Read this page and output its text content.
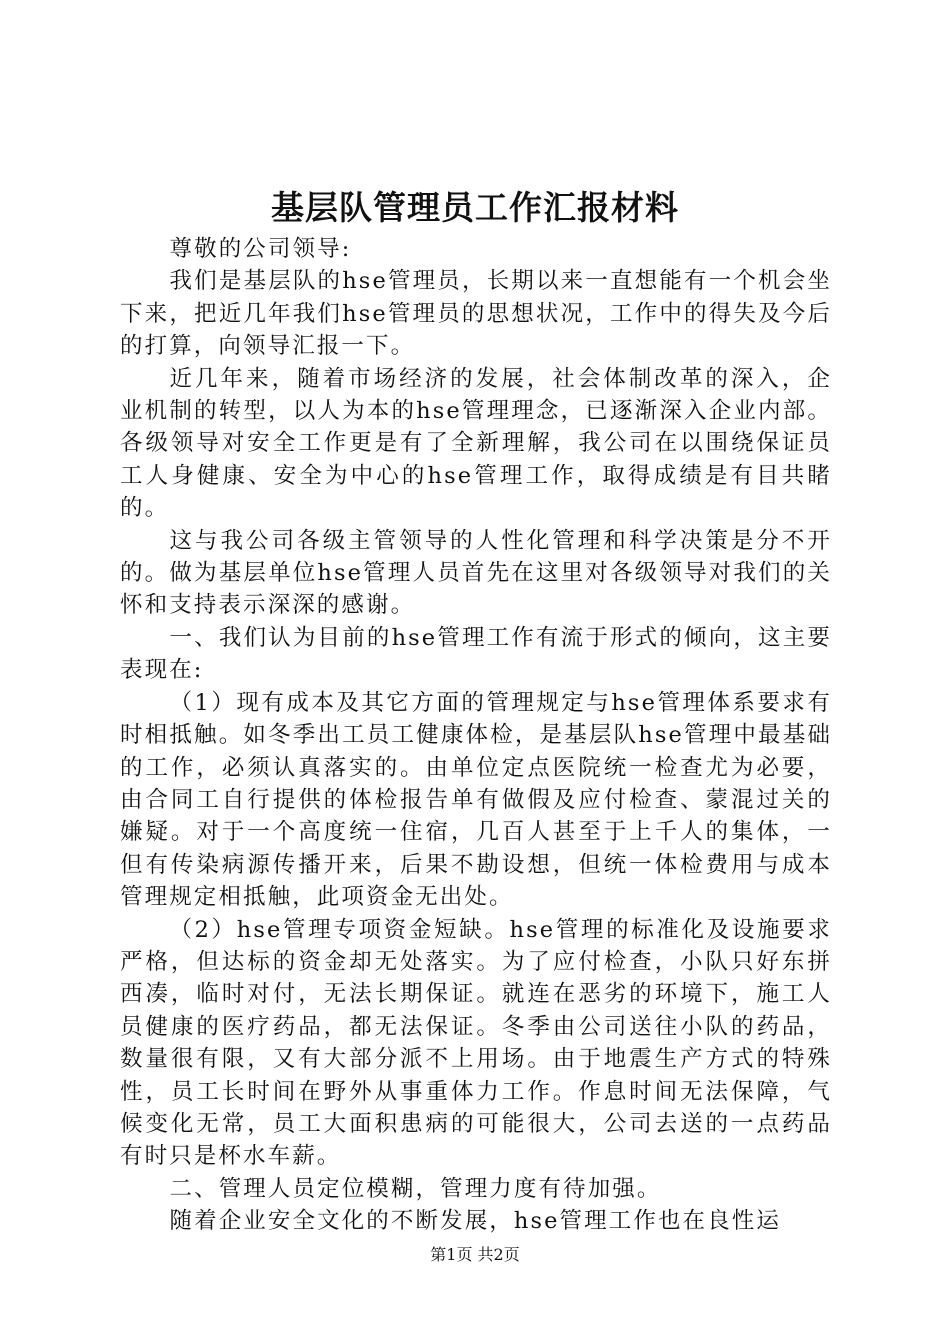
基层队管理员工作汇报材料

尊敬的公司领导:

我们是基层队的hse管理员，长期以来一直想能有一个机会坐下来，把近几年我们hse管理员的思想状况，工作中的得失及今后的打算，向领导汇报一下。

近几年来，随着市场经济的发展，社会体制改革的深入，企业机制的转型，以人为本的hse管理理念，已逐渐深入企业内部。各级领导对安全工作更是有了全新理解，我公司在以围绕保证员工人身健康、安全为中心的hse管理工作，取得成绩是有目共睹的。

这与我公司各级主管领导的人性化管理和科学决策是分不开的。做为基层单位hse管理人员首先在这里对各级领导对我们的关怀和支持表示深深的感谢。

一、我们认为目前的hse管理工作有流于形式的倾向，这主要表现在:

（1）现有成本及其它方面的管理规定与hse管理体系要求有时相抵触。如冬季出工员工健康体检，是基层队hse管理中最基础的工作，必须认真落实的。由单位定点医院统一检查尤为必要，由合同工自行提供的体检报告单有做假及应付检查、蒙混过关的嫌疑。对于一个高度统一住宿，几百人甚至于上千人的集体，一但有传染病源传播开来，后果不勘设想，但统一体检费用与成本管理规定相抵触，此项资金无出处。

（2）hse管理专项资金短缺。hse管理的标准化及设施要求严格，但达标的资金却无处落实。为了应付检查，小队只好东拼西凑，临时对付，无法长期保证。就连在恶劣的环境下，施工人员健康的医疗药品，都无法保证。冬季由公司送往小队的药品，数量很有限，又有大部分派不上用场。由于地震生产方式的特殊性，员工长时间在野外从事重体力工作。作息时间无法保障，气候变化无常，员工大面积患病的可能很大，公司去送的一点药品有时只是杯水车薪。

二、管理人员定位模糊，管理力度有待加强。

随着企业安全文化的不断发展，hse管理工作也在良性运

第1页 共2页
